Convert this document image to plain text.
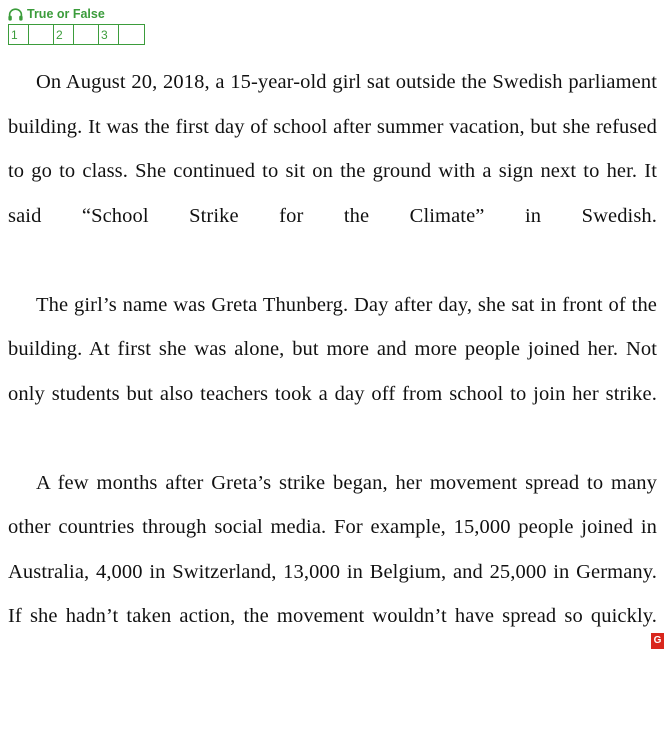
True or False
1	2	3

On August 20, 2018, a 15-year-old girl sat outside the Swedish parliament building. It was the first day of school after summer vacation, but she refused to go to class. She continued to sit on the ground with a sign next to her. It said “School Strike for the Climate” in Swedish.

The girl’s name was Greta Thunberg. Day after day, she sat in front of the building. At first she was alone, but more and more people joined her. Not only students but also teachers took a day off from school to join her strike.

A few months after Greta’s strike began, her movement spread to many other countries through social media. For example, 15,000 people joined in Australia, 4,000 in Switzerland, 13,000 in Belgium, and 25,000 in Germany. If she hadn’t taken action, the movement wouldn’t have spread so quickly.

G
